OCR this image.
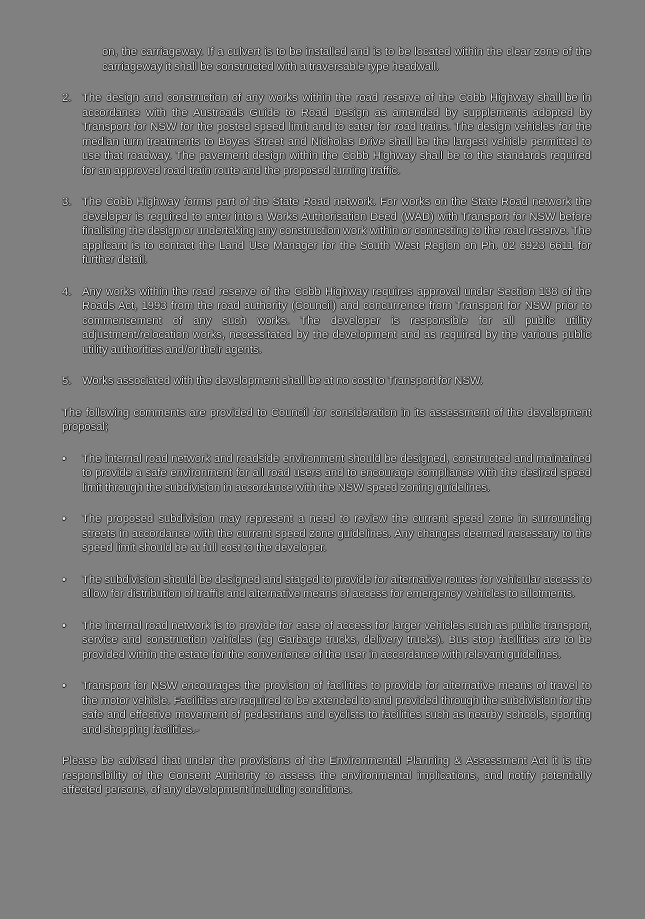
on, the carriageway. If a culvert is to be installed and is to be located within the clear zone of the carriageway it shall be constructed with a traversable type headwall.
2. The design and construction of any works within the road reserve of the Cobb Highway shall be in accordance with the Austroads Guide to Road Design as amended by supplements adopted by Transport for NSW for the posted speed limit and to cater for road trains. The design vehicles for the median turn treatments to Boyes Street and Nicholas Drive shall be the largest vehicle permitted to use that roadway. The pavement design within the Cobb Highway shall be to the standards required for an approved road train route and the proposed turning traffic.
3. The Cobb Highway forms part of the State Road network. For works on the State Road network the developer is required to enter into a Works Authorisation Deed (WAD) with Transport for NSW before finalising the design or undertaking any construction work within or connecting to the road reserve. The applicant is to contact the Land Use Manager for the South West Region on Ph. 02 6923 6611 for further detail.
4. Any works within the road reserve of the Cobb Highway requires approval under Section 138 of the Roads Act, 1993 from the road authority (Council) and concurrence from Transport for NSW prior to commencement of any such works. The developer is responsible for all public utility adjustment/relocation works, necessitated by the development and as required by the various public utility authorities and/or their agents.
5. Works associated with the development shall be at no cost to Transport for NSW.
The following comments are provided to Council for consideration in its assessment of the development proposal;
•	The internal road network and roadside environment should be designed, constructed and maintained to provide a safe environment for all road users and to encourage compliance with the desired speed limit through the subdivision in accordance with the NSW speed zoning guidelines.
•	The proposed subdivision may represent a need to review the current speed zone in surrounding streets in accordance with the current speed zone guidelines. Any changes deemed necessary to the speed limit should be at full cost to the developer.
•	The subdivision should be designed and staged to provide for alternative routes for vehicular access to allow for distribution of traffic and alternative means of access for emergency vehicles to allotments.
•	The internal road network is to provide for ease of access for larger vehicles such as public transport, service and construction vehicles (eg Garbage trucks, delivery trucks). Bus stop facilities are to be provided within the estate for the convenience of the user in accordance with relevant guidelines.
•	Transport for NSW encourages the provision of facilities to provide for alternative means of travel to the motor vehicle. Facilities are required to be extended to and provided through the subdivision for the safe and effective movement of pedestrians and cyclists to facilities such as nearby schools, sporting and shopping facilities.-
Please be advised that under the provisions of the Environmental Planning & Assessment Act it is the responsibility of the Consent Authority to assess the environmental implications, and notify potentially affected persons, of any development including conditions.
